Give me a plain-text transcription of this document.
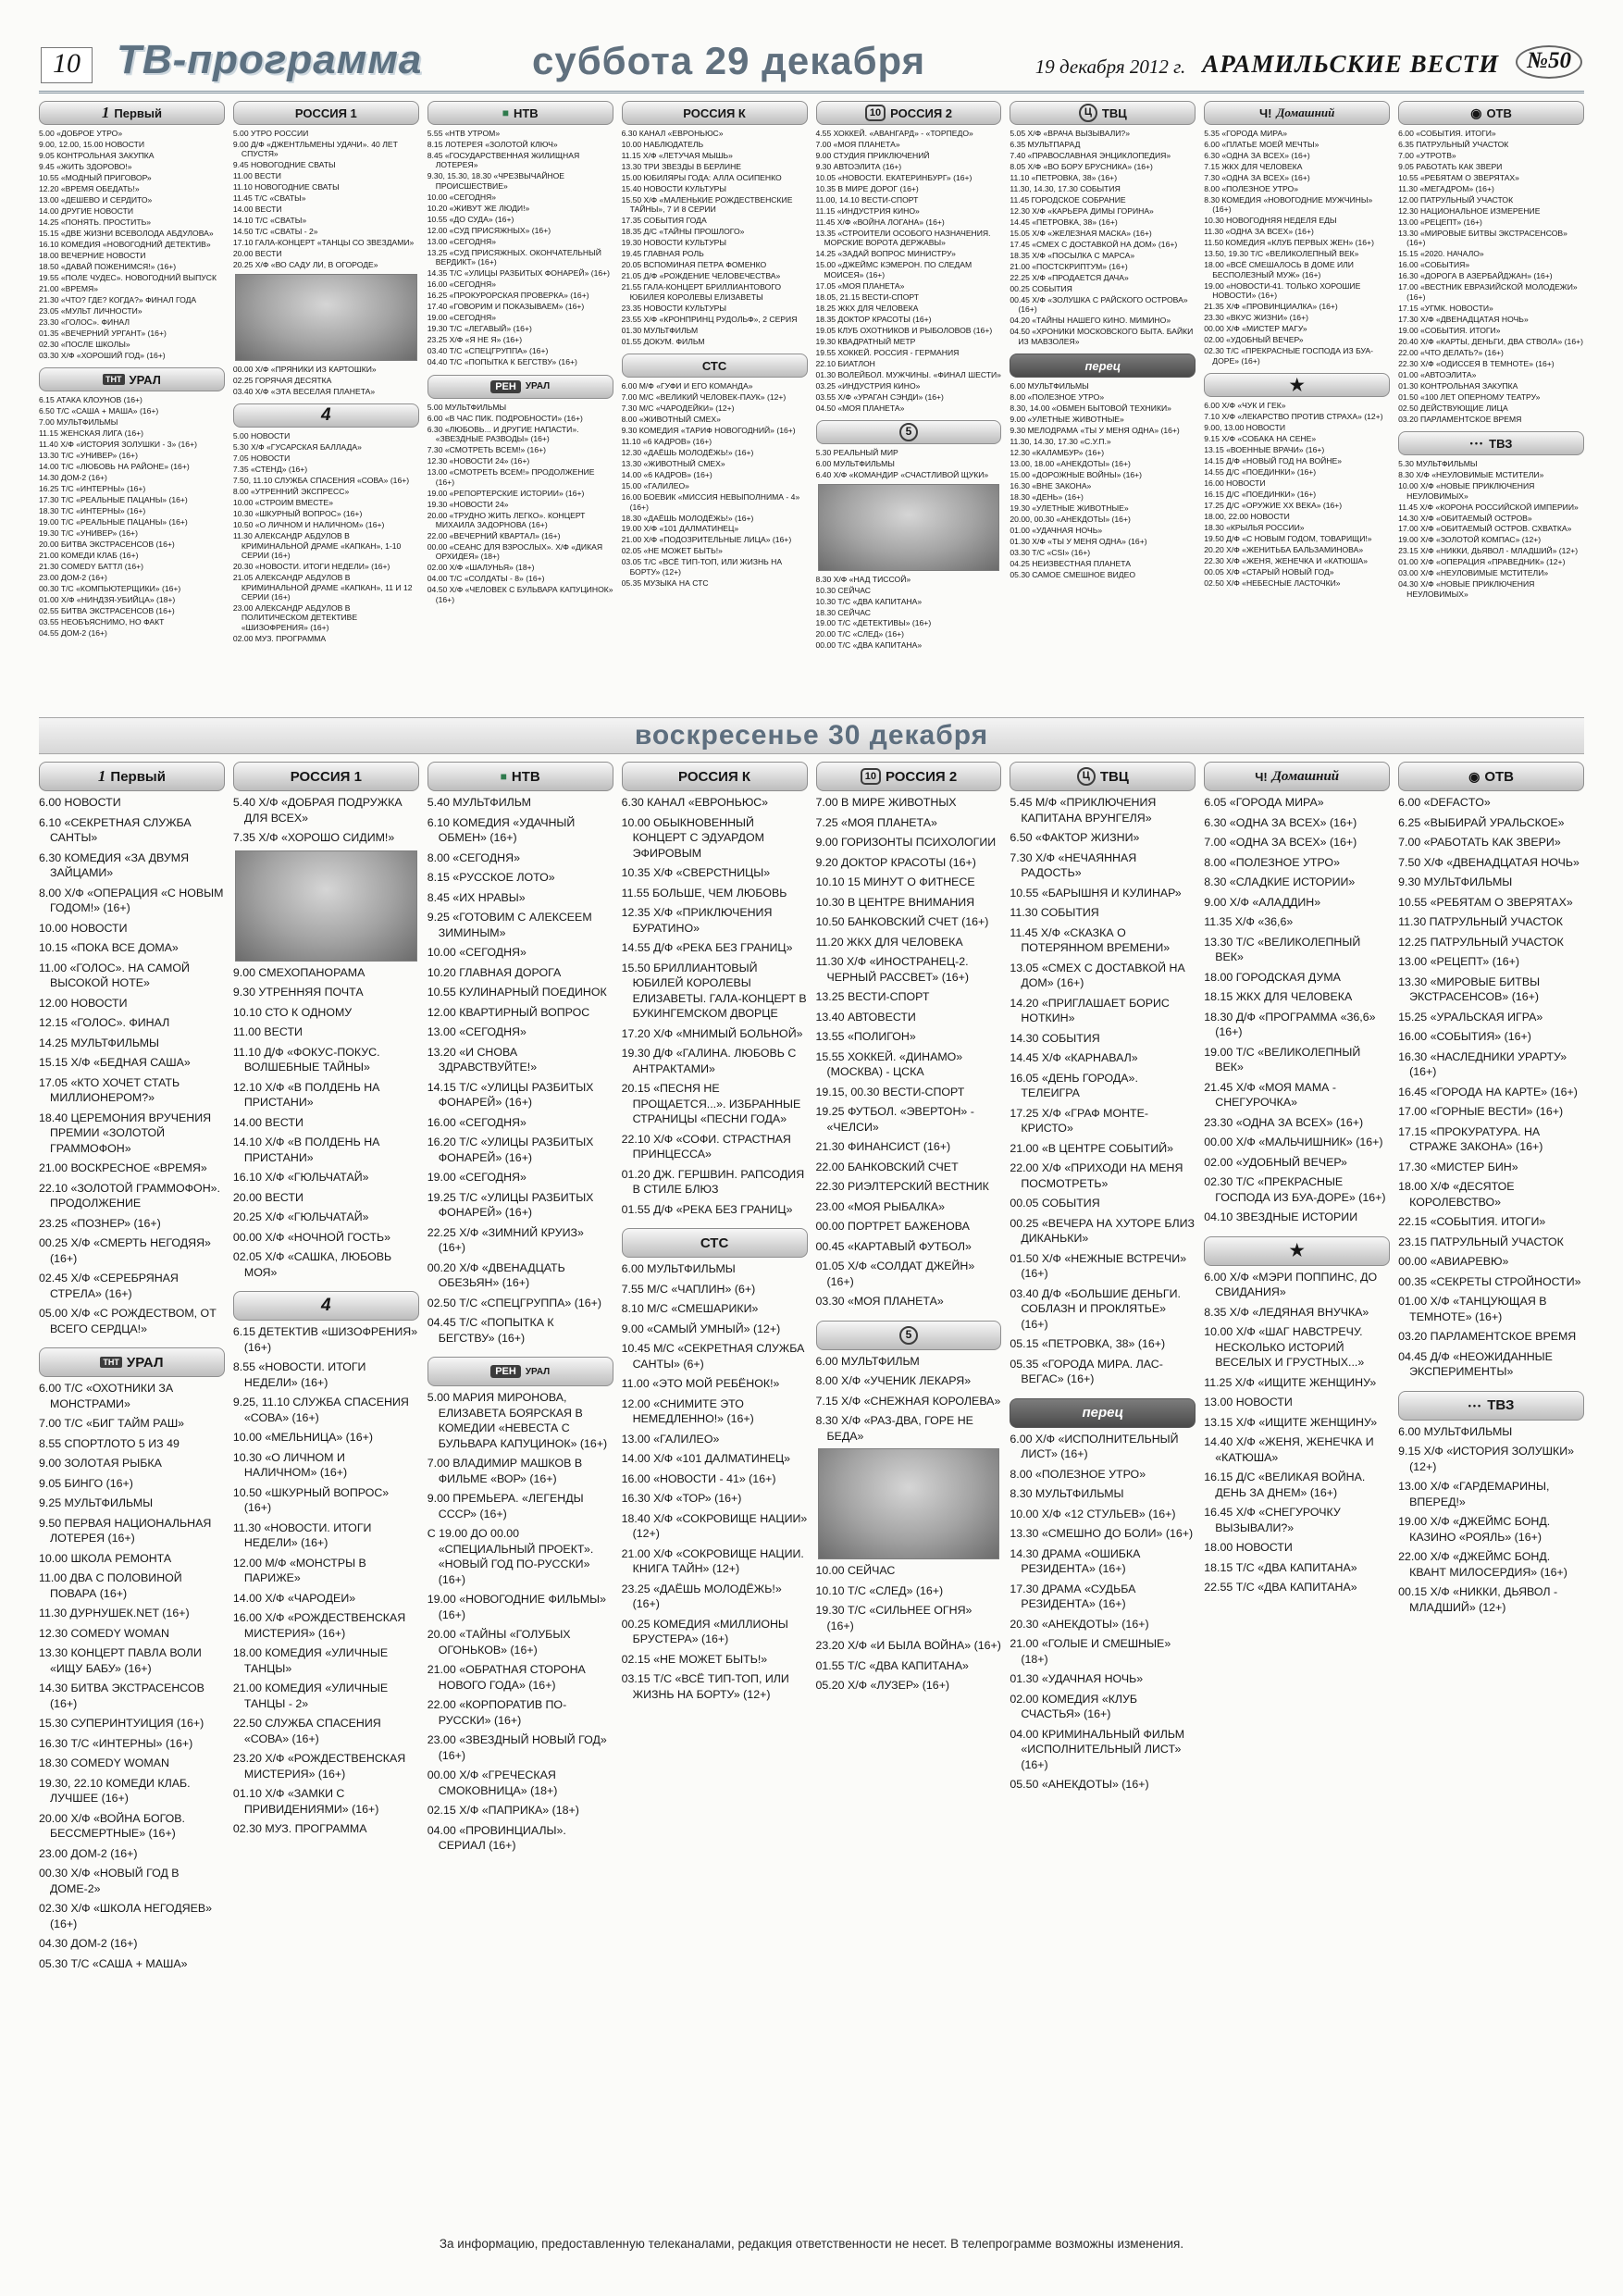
10 ТВ-программа	суббота 29 декабря	19 декабря 2012 г. АРАМИЛЬСКИЕ ВЕСТИ	№50
1 Первый
5.00 «ДОБРОЕ УТРО»
9.00, 12.00, 15.00 НОВОСТИ
9.05 КОНТРОЛЬНАЯ ЗАКУПКА
9.45 «ЖИТЬ ЗДОРОВО!»
10.55 «МОДНЫЙ ПРИГОВОР»
12.20 «ВРЕМЯ ОБЕДАТЬ!»
13.00 «ДЕШЕВО И СЕРДИТО»
14.00 ДРУГИЕ НОВОСТИ
14.25 «ПОНЯТЬ. ПРОСТИТЬ»
15.15 «ДВЕ ЖИЗНИ ВСЕВОЛОДА АБДУЛОВА»
16.10 КОМЕДИЯ «НОВОГОДНИЙ ДЕТЕКТИВ»
18.00 ВЕЧЕРНИЕ НОВОСТИ
18.50 «ДАВАЙ ПОЖЕНИМСЯ!» (16+)
19.55 «ПОЛЕ ЧУДЕС». НОВОГОДНИЙ ВЫПУСК
21.00 «ВРЕМЯ»
21.30 «ЧТО? ГДЕ? КОГДА?» ФИНАЛ ГОДА
23.05 «МУЛЬТ ЛИЧНОСТИ»
23.30 «ГОЛОС». ФИНАЛ
01.35 «ВЕЧЕРНИЙ УРГАНТ» (16+)
02.30 «ПОСЛЕ ШКОЛЫ»
03.30 Х/Ф «ХОРОШИЙ ГОД» (16+)
ТНТ УРАЛ
6.15 АТАКА КЛОУНОВ (16+)
6.50 Т/С «САША + МАША» (16+)
7.00 МУЛЬТФИЛЬМЫ
11.15 ЖЕНСКАЯ ЛИГА (16+)
11.40 Х/Ф «ИСТОРИЯ ЗОЛУШКИ - 3» (16+)
13.30 Т/С «УНИВЕР» (16+)
14.00 Т/С «ЛЮБОВЬ НА РАЙОНЕ» (16+)
14.30 ДОМ-2 (16+)
16.25 Т/С «ИНТЕРНЫ» (16+)
17.30 Т/С «РЕАЛЬНЫЕ ПАЦАНЫ» (16+)
18.30 Т/С «ИНТЕРНЫ» (16+)
19.00 Т/С «РЕАЛЬНЫЕ ПАЦАНЫ» (16+)
19.30 Т/С «УНИВЕР» (16+)
20.00 БИТВА ЭКСТРАСЕНСОВ (16+)
21.00 КОМЕДИ КЛАБ (16+)
21.30 COMEDY БАТТЛ (16+)
23.00 ДОМ-2 (16+)
00.30 Т/С «КОМПЬЮТЕРЩИКИ» (16+)
01.00 Х/Ф «НИНДЗЯ-УБИЙЦА» (18+)
02.55 БИТВА ЭКСТРАСЕНСОВ (16+)
03.55 НЕОБЪЯСНИМО, НО ФАКТ
04.55 ДОМ-2 (16+)
РОССИЯ 1
5.00 УТРО РОССИИ
9.00 Д/Ф «ДЖЕНТЛЬМЕНЫ УДАЧИ». 40 ЛЕТ СПУСТЯ»
9.45 НОВОГОДНИЕ СВАТЫ
11.00 ВЕСТИ
11.10 НОВОГОДНИЕ СВАТЫ
11.45 Т/С «СВАТЫ»
14.00 ВЕСТИ
14.10 Т/С «СВАТЫ»
14.50 Т/С «СВАТЫ - 2»
17.10 ГАЛА-КОНЦЕРТ «ТАНЦЫ СО ЗВЕЗДАМИ»
20.00 ВЕСТИ
20.25 Х/Ф «ВО САДУ ЛИ, В ОГОРОДЕ»
00.00 Х/Ф «ПРЯНИКИ ИЗ КАРТОШКИ»
02.25 ГОРЯЧАЯ ДЕСЯТКА
03.40 Х/Ф «ЭТА ВЕСЕЛАЯ ПЛАНЕТА»
4
5.00 НОВОСТИ
5.30 Х/Ф «ГУСАРСКАЯ БАЛЛАДА»
7.05 НОВОСТИ
7.35 «СТЕНД» (16+)
7.50, 11.10 СЛУЖБА СПАСЕНИЯ «СОВА» (16+)
8.00 «УТРЕННИЙ ЭКСПРЕСС»
10.00 «СТРОИМ ВМЕСТЕ»
10.30 «ШКУРНЫЙ ВОПРОС» (16+)
10.50 «О ЛИЧНОМ И НАЛИЧНОМ» (16+)
11.30 АЛЕКСАНДР АБДУЛОВ В КРИМИНАЛЬНОЙ ДРАМЕ «КАПКАН», 1-10 СЕРИИ (16+)
20.30 «НОВОСТИ. ИТОГИ НЕДЕЛИ» (16+)
21.05 АЛЕКСАНДР АБДУЛОВ В КРИМИНАЛЬНОЙ ДРАМЕ «КАПКАН», 11 И 12 СЕРИИ (16+)
23.00 АЛЕКСАНДР АБДУЛОВ В ПОЛИТИЧЕСКОМ ДЕТЕКТИВЕ «ШИЗОФРЕНИЯ» (16+)
02.00 МУЗ. ПРОГРАММА
■ НТВ
5.55 «НТВ УТРОМ»
8.15 ЛОТЕРЕЯ «ЗОЛОТОЙ КЛЮЧ»
8.45 «ГОСУДАРСТВЕННАЯ ЖИЛИЩНАЯ ЛОТЕРЕЯ»
9.30, 15.30, 18.30 «ЧРЕЗВЫЧАЙНОЕ ПРОИСШЕСТВИЕ»
10.00 «СЕГОДНЯ»
10.20 «ЖИВУТ ЖЕ ЛЮДИ!»
10.55 «ДО СУДА» (16+)
12.00 «СУД ПРИСЯЖНЫХ» (16+)
13.00 «СЕГОДНЯ»
13.25 «СУД ПРИСЯЖНЫХ. ОКОНЧАТЕЛЬНЫЙ ВЕРДИКТ» (16+)
14.35 Т/С «УЛИЦЫ РАЗБИТЫХ ФОНАРЕЙ» (16+)
16.00 «СЕГОДНЯ»
16.25 «ПРОКУРОРСКАЯ ПРОВЕРКА» (16+)
17.40 «ГОВОРИМ И ПОКАЗЫВАЕМ» (16+)
19.00 «СЕГОДНЯ»
19.30 Т/С «ЛЕГАВЫЙ» (16+)
23.25 Х/Ф «Я НЕ Я» (16+)
03.40 Т/С «СПЕЦГРУППА» (16+)
04.40 Т/С «ПОПЫТКА К БЕГСТВУ» (16+)
РЕН	УРАЛ
5.00 МУЛЬТФИЛЬМЫ
6.00 «В ЧАС ПИК. ПОДРОБНОСТИ» (16+)
6.30 «ЛЮБОВЬ... И ДРУГИЕ НАПАСТИ». «ЗВЕЗДНЫЕ РАЗВОДЫ» (16+)
7.30 «СМОТРЕТЬ ВСЕМ!» (16+)
12.30 «НОВОСТИ 24» (16+)
13.00 «СМОТРЕТЬ ВСЕМ!» ПРОДОЛЖЕНИЕ (16+)
19.00 «РЕПОРТЕРСКИЕ ИСТОРИИ» (16+)
19.30 «НОВОСТИ 24»
20.00 «ТРУДНО ЖИТЬ ЛЕГКО». КОНЦЕРТ МИХАИЛА ЗАДОРНОВА (16+)
22.00 «ВЕЧЕРНИЙ КВАРТАЛ» (16+)
00.00 «СЕАНС ДЛЯ ВЗРОСЛЫХ». Х/Ф «ДИКАЯ ОРХИДЕЯ» (18+)
02.00 Х/Ф «ШАЛУНЬЯ» (18+)
04.00 Т/С «СОЛДАТЫ - 8» (16+)
04.50 Х/Ф «ЧЕЛОВЕК С БУЛЬВАРА КАПУЦИНОК» (16+)
РОССИЯ К
6.30 КАНАЛ «ЕВРОНЬЮС»
10.00 НАБЛЮДАТЕЛЬ
11.15 Х/Ф «ЛЕТУЧАЯ МЫШЬ»
13.30 ТРИ ЗВЕЗДЫ В БЕРЛИНЕ
15.00 ЮБИЛЯРЫ ГОДА: АЛЛА ОСИПЕНКО
15.40 НОВОСТИ КУЛЬТУРЫ
15.50 Х/Ф «МАЛЕНЬКИЕ РОЖДЕСТВЕНСКИЕ ТАЙНЫ», 7 И 8 СЕРИИ
17.35 СОБЫТИЯ ГОДА
18.35 Д/С «ТАЙНЫ ПРОШЛОГО»
19.30 НОВОСТИ КУЛЬТУРЫ
19.45 ГЛАВНАЯ РОЛЬ
20.05 ВСПОМИНАЯ ПЕТРА ФОМЕНКО
21.05 Д/Ф «РОЖДЕНИЕ ЧЕЛОВЕЧЕСТВА»
21.55 ГАЛА-КОНЦЕРТ БРИЛЛИАНТОВОГО ЮБИЛЕЯ КОРОЛЕВЫ ЕЛИЗАВЕТЫ
23.35 НОВОСТИ КУЛЬТУРЫ
23.55 Х/Ф «КРОНПРИНЦ РУДОЛЬФ», 2 СЕРИЯ
01.30 МУЛЬТФИЛЬМ
01.55 ДОКУМ. ФИЛЬМ
СТС
6.00 М/Ф «ГУФИ И ЕГО КОМАНДА»
7.00 М/С «ВЕЛИКИЙ ЧЕЛОВЕК-ПАУК» (12+)
7.30 М/С «ЧАРОДЕЙКИ» (12+)
8.00 «ЖИВОТНЫЙ СМЕХ»
9.30 КОМЕДИЯ «ТАРИФ НОВОГОДНИЙ» (16+)
11.10 «6 КАДРОВ» (16+)
12.30 «ДАЁШЬ МОЛОДЁЖЬ!» (16+)
13.30 «ЖИВОТНЫЙ СМЕХ»
14.00 «6 КАДРОВ» (16+)
15.00 «ГАЛИЛЕО»
16.00 БОЕВИК «МИССИЯ НЕВЫПОЛНИМА - 4» (16+)
18.30 «ДАЁШЬ МОЛОДЁЖЬ!» (16+)
19.00 Х/Ф «101 ДАЛМАТИНЕЦ»
21.00 Х/Ф «ПОДОЗРИТЕЛЬНЫЕ ЛИЦА» (16+)
02.05 «НЕ МОЖЕТ БЫТЬ!»
03.05 Т/С «ВСЁ ТИП-ТОП, ИЛИ ЖИЗНЬ НА БОРТУ» (12+)
05.35 МУЗЫКА НА СТС
10 РОССИЯ 2
4.55 ХОККЕЙ. «АВАНГАРД» - «ТОРПЕДО»
7.00 «МОЯ ПЛАНЕТА»
9.00 СТУДИЯ ПРИКЛЮЧЕНИЙ
9.30 АВТОЭЛИТА (16+)
10.05 «НОВОСТИ. ЕКАТЕРИНБУРГ» (16+)
10.35 В МИРЕ ДОРОГ (16+)
11.00, 14.10 ВЕСТИ-СПОРТ
11.15 «ИНДУСТРИЯ КИНО»
11.45 Х/Ф «ВОЙНА ЛОГАНА» (16+)
13.35 «СТРОИТЕЛИ ОСОБОГО НАЗНАЧЕНИЯ. МОРСКИЕ ВОРОТА ДЕРЖАВЫ»
14.25 «ЗАДАЙ ВОПРОС МИНИСТРУ»
15.00 «ДЖЕЙМС КЭМЕРОН. ПО СЛЕДАМ МОИСЕЯ» (16+)
17.05 «МОЯ ПЛАНЕТА»
18.05, 21.15 ВЕСТИ-СПОРТ
18.25 ЖКХ ДЛЯ ЧЕЛОВЕКА
18.35 ДОКТОР КРАСОТЫ (16+)
19.05 КЛУБ ОХОТНИКОВ И РЫБОЛОВОВ (16+)
19.30 КВАДРАТНЫЙ МЕТР
19.55 ХОККЕЙ. РОССИЯ - ГЕРМАНИЯ
22.10 БИАТЛОН
01.30 ВОЛЕЙБОЛ. МУЖЧИНЫ. «ФИНАЛ ШЕСТИ»
03.25 «ИНДУСТРИЯ КИНО»
03.55 Х/Ф «УРАГАН СЭНДИ» (16+)
04.50 «МОЯ ПЛАНЕТА»
5
5.30 РЕАЛЬНЫЙ МИР
6.00 МУЛЬТФИЛЬМЫ
6.40 Х/Ф «КОМАНДИР «СЧАСТЛИВОЙ ЩУКИ»
8.30 Х/Ф «НАД ТИССОЙ»
10.30 СЕЙЧАС
10.30 Т/С «ДВА КАПИТАНА»
18.30 СЕЙЧАС
19.00 Т/С «ДЕТЕКТИВЫ» (16+)
20.00 Т/С «СЛЕД» (16+)
00.00 Т/С «ДВА КАПИТАНА»
Ц ТВЦ
5.05 Х/Ф «ВРАЧА ВЫЗЫВАЛИ?»
6.35 МУЛЬТПАРАД
7.40 «ПРАВОСЛАВНАЯ ЭНЦИКЛОПЕДИЯ»
8.05 Х/Ф «ВО БОРУ БРУСНИКА» (16+)
11.10 «ПЕТРОВКА, 38» (16+)
11.30, 14.30, 17.30 СОБЫТИЯ
11.45 ГОРОДСКОЕ СОБРАНИЕ
12.30 Х/Ф «КАРЬЕРА ДИМЫ ГОРИНА»
14.45 «ПЕТРОВКА, 38» (16+)
15.05 Х/Ф «ЖЕЛЕЗНАЯ МАСКА» (16+)
17.45 «СМЕХ С ДОСТАВКОЙ НА ДОМ» (16+)
18.35 Х/Ф «ПОСЫЛКА С МАРСА»
21.00 «ПОСТСКРИПТУМ» (16+)
22.25 Х/Ф «ПРОДАЕТСЯ ДАЧА»
00.25 СОБЫТИЯ
00.45 Х/Ф «ЗОЛУШКА С РАЙСКОГО ОСТРОВА» (16+)
04.20 «ТАЙНЫ НАШЕГО КИНО. МИМИНО»
04.50 «ХРОНИКИ МОСКОВСКОГО БЫТА. БАЙКИ ИЗ МАВЗОЛЕЯ»
перец
6.00 МУЛЬТФИЛЬМЫ
8.00 «ПОЛЕЗНОЕ УТРО»
8.30, 14.00 «ОБМЕН БЫТОВОЙ ТЕХНИКИ»
9.00 «УЛЕТНЫЕ ЖИВОТНЫЕ»
9.30 МЕЛОДРАМА «ТЫ У МЕНЯ ОДНА» (16+)
11.30, 14.30, 17.30 «С.У.П.»
12.30 «КАЛАМБУР» (16+)
13.00, 18.00 «АНЕКДОТЫ» (16+)
15.00 «ДОРОЖНЫЕ ВОЙНЫ» (16+)
16.30 «ВНЕ ЗАКОНА»
18.30 «ДЕНЬ» (16+)
19.30 «УЛЕТНЫЕ ЖИВОТНЫЕ»
20.00, 00.30 «АНЕКДОТЫ» (16+)
01.00 «УДАЧНАЯ НОЧЬ»
01.30 Х/Ф «ТЫ У МЕНЯ ОДНА» (16+)
03.30 Т/С «CSI» (16+)
04.25 НЕИЗВЕСТНАЯ ПЛАНЕТА
05.30 САМОЕ СМЕШНОЕ ВИДЕО
Ч! Домашний
5.35 «ГОРОДА МИРА»
6.00 «ПЛАТЬЕ МОЕЙ МЕЧТЫ»
6.30 «ОДНА ЗА ВСЕХ» (16+)
7.15 ЖКХ ДЛЯ ЧЕЛОВЕКА
7.30 «ОДНА ЗА ВСЕХ» (16+)
8.00 «ПОЛЕЗНОЕ УТРО»
8.30 КОМЕДИЯ «НОВОГОДНИЕ МУЖЧИНЫ» (16+)
10.30 НОВОГОДНЯЯ НЕДЕЛЯ ЕДЫ
11.30 «ОДНА ЗА ВСЕХ» (16+)
11.50 КОМЕДИЯ «КЛУБ ПЕРВЫХ ЖЕН» (16+)
13.50, 19.30 Т/С «ВЕЛИКОЛЕПНЫЙ ВЕК»
18.00 «ВСЁ СМЕШАЛОСЬ В ДОМЕ ИЛИ БЕСПОЛЕЗНЫЙ МУЖ» (16+)
19.00 «НОВОСТИ-41. ТОЛЬКО ХОРОШИЕ НОВОСТИ» (16+)
21.35 Х/Ф «ПРОВИНЦИАЛКА» (16+)
23.30 «ВКУС ЖИЗНИ» (16+)
00.00 Х/Ф «МИСТЕР МАГУ»
02.00 «УДОБНЫЙ ВЕЧЕР»
02.30 Т/С «ПРЕКРАСНЫЕ ГОСПОДА ИЗ БУА-ДОРЕ» (16+)
★
6.00 Х/Ф «ЧУК И ГЕК»
7.10 Х/Ф «ЛЕКАРСТВО ПРОТИВ СТРАХА» (12+)
9.00, 13.00 НОВОСТИ
9.15 Х/Ф «СОБАКА НА СЕНЕ»
13.15 «ВОЕННЫЕ ВРАЧИ» (16+)
14.15 Д/Ф «НОВЫЙ ГОД НА ВОЙНЕ»
14.55 Д/С «ПОЕДИНКИ» (16+)
16.00 НОВОСТИ
16.15 Д/С «ПОЕДИНКИ» (16+)
17.25 Д/С «ОРУЖИЕ XX ВЕКА» (16+)
18.00, 22.00 НОВОСТИ
18.30 «КРЫЛЬЯ РОССИИ»
19.50 Д/Ф «С НОВЫМ ГОДОМ, ТОВАРИЩИ!»
20.20 Х/Ф «ЖЕНИТЬБА БАЛЬЗАМИНОВА»
22.30 Х/Ф «ЖЕНЯ, ЖЕНЕЧКА И «КАТЮША»
00.05 Х/Ф «СТАРЫЙ НОВЫЙ ГОД»
02.50 Х/Ф «НЕБЕСНЫЕ ЛАСТОЧКИ»
◉ ОТВ
6.00 «СОБЫТИЯ. ИТОГИ»
6.35 ПАТРУЛЬНЫЙ УЧАСТОК
7.00 «УТРОТВ»
9.05 РАБОТАТЬ КАК ЗВЕРИ
10.55 «РЕБЯТАМ О ЗВЕРЯТАХ»
11.30 «МЕГАДРОМ» (16+)
12.00 ПАТРУЛЬНЫЙ УЧАСТОК
12.30 НАЦИОНАЛЬНОЕ ИЗМЕРЕНИЕ
13.00 «РЕЦЕПТ» (16+)
13.30 «МИРОВЫЕ БИТВЫ ЭКСТРАСЕНСОВ» (16+)
15.15 «2020. НАЧАЛО»
16.00 «СОБЫТИЯ»
16.30 «ДОРОГА В АЗЕРБАЙДЖАН» (16+)
17.00 «ВЕСТНИК ЕВРАЗИЙСКОЙ МОЛОДЕЖИ» (16+)
17.15 «УГМК. НОВОСТИ»
17.30 Х/Ф «ДВЕНАДЦАТАЯ НОЧЬ»
19.00 «СОБЫТИЯ. ИТОГИ»
20.40 Х/Ф «КАРТЫ, ДЕНЬГИ, ДВА СТВОЛА» (16+)
22.00 «ЧТО ДЕЛАТЬ?» (16+)
22.30 Х/Ф «ОДИССЕЯ В ТЕМНОТЕ» (16+)
01.00 «АВТОЭЛИТА»
01.30 КОНТРОЛЬНАЯ ЗАКУПКА
01.50 «100 ЛЕТ ОПЕРНОМУ ТЕАТРУ»
02.50 ДЕЙСТВУЮЩИЕ ЛИЦА
03.20 ПАРЛАМЕНТСКОЕ ВРЕМЯ
••• ТВЗ
5.30 МУЛЬТФИЛЬМЫ
8.30 Х/Ф «НЕУЛОВИМЫЕ МСТИТЕЛИ»
10.00 Х/Ф «НОВЫЕ ПРИКЛЮЧЕНИЯ НЕУЛОВИМЫХ»
11.45 Х/Ф «КОРОНА РОССИЙСКОЙ ИМПЕРИИ»
14.30 Х/Ф «ОБИТАЕМЫЙ ОСТРОВ»
17.00 Х/Ф «ОБИТАЕМЫЙ ОСТРОВ. СХВАТКА»
19.00 Х/Ф «ЗОЛОТОЙ КОМПАС» (12+)
23.15 Х/Ф «НИККИ, ДЬЯВОЛ - МЛАДШИЙ» (12+)
01.00 Х/Ф «ОПЕРАЦИЯ «ПРАВЕДНИК» (12+)
03.00 Х/Ф «НЕУЛОВИМЫЕ МСТИТЕЛИ»
04.30 Х/Ф «НОВЫЕ ПРИКЛЮЧЕНИЯ НЕУЛОВИМЫХ»
воскресенье 30 декабря
1 Первый
6.00 НОВОСТИ
6.10 «СЕКРЕТНАЯ СЛУЖБА САНТЫ»
6.30 КОМЕДИЯ «ЗА ДВУМЯ ЗАЙЦАМИ»
8.00 Х/Ф «ОПЕРАЦИЯ «С НОВЫМ ГОДОМ!» (16+)
10.00 НОВОСТИ
10.15 «ПОКА ВСЕ ДОМА»
11.00 «ГОЛОС». НА САМОЙ ВЫСОКОЙ НОТЕ»
12.00 НОВОСТИ
12.15 «ГОЛОС». ФИНАЛ
14.25 МУЛЬТФИЛЬМЫ
15.15 Х/Ф «БЕДНАЯ САША»
17.05 «КТО ХОЧЕТ СТАТЬ МИЛЛИОНЕРОМ?»
18.40 ЦЕРЕМОНИЯ ВРУЧЕНИЯ ПРЕМИИ «ЗОЛОТОЙ ГРАММОФОН»
21.00 ВОСКРЕСНОЕ «ВРЕМЯ»
22.10 «ЗОЛОТОЙ ГРАММОФОН». ПРОДОЛЖЕНИЕ
23.25 «ПОЗНЕР» (16+)
00.25 Х/Ф «СМЕРТЬ НЕГОДЯЯ» (16+)
02.45 Х/Ф «СЕРЕБРЯНАЯ СТРЕЛА» (16+)
05.00 Х/Ф «С РОЖДЕСТВОМ, ОТ ВСЕГО СЕРДЦА!»
ТНТ УРАЛ
6.00 Т/С «ОХОТНИКИ ЗА МОНСТРАМИ»
7.00 Т/С «БИГ ТАЙМ РАШ»
8.55 СПОРТЛОТО 5 ИЗ 49
9.00 ЗОЛОТАЯ РЫБКА
9.05 БИНГО (16+)
9.25 МУЛЬТФИЛЬМЫ
9.50 ПЕРВАЯ НАЦИОНАЛЬНАЯ ЛОТЕРЕЯ (16+)
10.00 ШКОЛА РЕМОНТА
11.00 ДВА С ПОЛОВИНОЙ ПОВАРА (16+)
11.30 ДУРНУШЕК.NET (16+)
12.30 COMEDY WOMAN
13.30 КОНЦЕРТ ПАВЛА ВОЛИ «ИЩУ БАБУ» (16+)
14.30 БИТВА ЭКСТРАСЕНСОВ (16+)
15.30 СУПЕРИНТУИЦИЯ (16+)
16.30 Т/С «ИНТЕРНЫ» (16+)
18.30 COMEDY WOMAN
19.30, 22.10 КОМЕДИ КЛАБ. ЛУЧШЕЕ (16+)
20.00 Х/Ф «ВОЙНА БОГОВ. БЕССМЕРТНЫЕ» (16+)
23.00 ДОМ-2 (16+)
00.30 Х/Ф «НОВЫЙ ГОД В ДОМЕ-2»
02.30 Х/Ф «ШКОЛА НЕГОДЯЕВ» (16+)
04.30 ДОМ-2 (16+)
05.30 Т/С «САША + МАША»
РОССИЯ 1
5.40 Х/Ф «ДОБРАЯ ПОДРУЖКА ДЛЯ ВСЕХ»
7.35 Х/Ф «ХОРОШО СИДИМ!»
9.00 СМЕХОПАНОРАМА
9.30 УТРЕННЯЯ ПОЧТА
10.10 СТО К ОДНОМУ
11.00 ВЕСТИ
11.10 Д/Ф «ФОКУС-ПОКУС. ВОЛШЕБНЫЕ ТАЙНЫ»
12.10 Х/Ф «В ПОЛДЕНЬ НА ПРИСТАНИ»
14.00 ВЕСТИ
14.10 Х/Ф «В ПОЛДЕНЬ НА ПРИСТАНИ»
16.10 Х/Ф «ГЮЛЬЧАТАЙ»
20.00 ВЕСТИ
20.25 Х/Ф «ГЮЛЬЧАТАЙ»
00.00 Х/Ф «НОЧНОЙ ГОСТЬ»
02.05 Х/Ф «САШКА, ЛЮБОВЬ МОЯ»
4
6.15 ДЕТЕКТИВ «ШИЗОФРЕНИЯ» (16+)
8.55 «НОВОСТИ. ИТОГИ НЕДЕЛИ» (16+)
9.25, 11.10 СЛУЖБА СПАСЕНИЯ «СОВА» (16+)
10.00 «МЕЛЬНИЦА» (16+)
10.30 «О ЛИЧНОМ И НАЛИЧНОМ» (16+)
10.50 «ШКУРНЫЙ ВОПРОС» (16+)
11.30 «НОВОСТИ. ИТОГИ НЕДЕЛИ» (16+)
12.00 М/Ф «МОНСТРЫ В ПАРИЖЕ»
14.00 Х/Ф «ЧАРОДЕИ»
16.00 Х/Ф «РОЖДЕСТВЕНСКАЯ МИСТЕРИЯ» (16+)
18.00 КОМЕДИЯ «УЛИЧНЫЕ ТАНЦЫ»
21.00 КОМЕДИЯ «УЛИЧНЫЕ ТАНЦЫ - 2»
22.50 СЛУЖБА СПАСЕНИЯ «СОВА» (16+)
23.20 Х/Ф «РОЖДЕСТВЕНСКАЯ МИСТЕРИЯ» (16+)
01.10 Х/Ф «ЗАМКИ С ПРИВИДЕНИЯМИ» (16+)
02.30 МУЗ. ПРОГРАММА
■ НТВ
5.40 МУЛЬТФИЛЬМ
6.10 КОМЕДИЯ «УДАЧНЫЙ ОБМЕН» (16+)
8.00 «СЕГОДНЯ»
8.15 «РУССКОЕ ЛОТО»
8.45 «ИХ НРАВЫ»
9.25 «ГОТОВИМ С АЛЕКСЕЕМ ЗИМИНЫМ»
10.00 «СЕГОДНЯ»
10.20 ГЛАВНАЯ ДОРОГА
10.55 КУЛИНАРНЫЙ ПОЕДИНОК
12.00 КВАРТИРНЫЙ ВОПРОС
13.00 «СЕГОДНЯ»
13.20 «И СНОВА ЗДРАВСТВУЙТЕ!»
14.15 Т/С «УЛИЦЫ РАЗБИТЫХ ФОНАРЕЙ» (16+)
16.00 «СЕГОДНЯ»
16.20 Т/С «УЛИЦЫ РАЗБИТЫХ ФОНАРЕЙ» (16+)
19.00 «СЕГОДНЯ»
19.25 Т/С «УЛИЦЫ РАЗБИТЫХ ФОНАРЕЙ» (16+)
22.25 Х/Ф «ЗИМНИЙ КРУИЗ» (16+)
00.20 Х/Ф «ДВЕНАДЦАТЬ ОБЕЗЬЯН» (16+)
02.50 Т/С «СПЕЦГРУППА» (16+)
04.45 Т/С «ПОПЫТКА К БЕГСТВУ» (16+)
РЕН	УРАЛ
5.00 МАРИЯ МИРОНОВА, ЕЛИЗАВЕТА БОЯРСКАЯ В КОМЕДИИ «НЕВЕСТА С БУЛЬВАРА КАПУЦИНОК» (16+)
7.00 ВЛАДИМИР МАШКОВ В ФИЛЬМЕ «ВОР» (16+)
9.00 ПРЕМЬЕРА. «ЛЕГЕНДЫ СССР» (16+)
С 19.00 ДО 00.00 «СПЕЦИАЛЬНЫЙ ПРОЕКТ». «НОВЫЙ ГОД ПО-РУССКИ» (16+)
19.00 «НОВОГОДНИЕ ФИЛЬМЫ» (16+)
20.00 «ТАЙНЫ «ГОЛУБЫХ ОГОНЬКОВ» (16+)
21.00 «ОБРАТНАЯ СТОРОНА НОВОГО ГОДА» (16+)
22.00 «КОРПОРАТИВ ПО-РУССКИ» (16+)
23.00 «ЗВЕЗДНЫЙ НОВЫЙ ГОД» (16+)
00.00 Х/Ф «ГРЕЧЕСКАЯ СМОКОВНИЦА» (18+)
02.15 Х/Ф «ПАПРИКА» (18+)
04.00 «ПРОВИНЦИАЛЫ». СЕРИАЛ (16+)
РОССИЯ К
6.30 КАНАЛ «ЕВРОНЬЮС»
10.00 ОБЫКНОВЕННЫЙ КОНЦЕРТ С ЭДУАРДОМ ЭФИРОВЫМ
10.35 Х/Ф «СВЕРСТНИЦЫ»
11.55 БОЛЬШЕ, ЧЕМ ЛЮБОВЬ
12.35 Х/Ф «ПРИКЛЮЧЕНИЯ БУРАТИНО»
14.55 Д/Ф «РЕКА БЕЗ ГРАНИЦ»
15.50 БРИЛЛИАНТОВЫЙ ЮБИЛЕЙ КОРОЛЕВЫ ЕЛИЗАВЕТЫ. ГАЛА-КОНЦЕРТ В БУКИНГЕМСКОМ ДВОРЦЕ
17.20 Х/Ф «МНИМЫЙ БОЛЬНОЙ»
19.30 Д/Ф «ГАЛИНА. ЛЮБОВЬ С АНТРАКТАМИ»
20.15 «ПЕСНЯ НЕ ПРОЩАЕТСЯ...». ИЗБРАННЫЕ СТРАНИЦЫ «ПЕСНИ ГОДА»
22.10 Х/Ф «СОФИ. СТРАСТНАЯ ПРИНЦЕССА»
01.20 ДЖ. ГЕРШВИН. РАПСОДИЯ В СТИЛЕ БЛЮЗ
01.55 Д/Ф «РЕКА БЕЗ ГРАНИЦ»
СТС
6.00 МУЛЬТФИЛЬМЫ
7.55 М/С «ЧАПЛИН» (6+)
8.10 М/С «СМЕШАРИКИ»
9.00 «САМЫЙ УМНЫЙ» (12+)
10.45 М/С «СЕКРЕТНАЯ СЛУЖБА САНТЫ» (6+)
11.00 «ЭТО МОЙ РЕБЁНОК!»
12.00 «СНИМИТЕ ЭТО НЕМЕДЛЕННО!» (16+)
13.00 «ГАЛИЛЕО»
14.00 Х/Ф «101 ДАЛМАТИНЕЦ»
16.00 «НОВОСТИ - 41» (16+)
16.30 Х/Ф «ТОР» (16+)
18.40 Х/Ф «СОКРОВИЩЕ НАЦИИ» (12+)
21.00 Х/Ф «СОКРОВИЩЕ НАЦИИ. КНИГА ТАЙН» (12+)
23.25 «ДАЁШЬ МОЛОДЁЖЬ!» (16+)
00.25 КОМЕДИЯ «МИЛЛИОНЫ БРУСТЕРА» (16+)
02.15 «НЕ МОЖЕТ БЫТЬ!»
03.15 Т/С «ВСЁ ТИП-ТОП, ИЛИ ЖИЗНЬ НА БОРТУ» (12+)
10 РОССИЯ 2
7.00 В МИРЕ ЖИВОТНЫХ
7.25 «МОЯ ПЛАНЕТА»
9.00 ГОРИЗОНТЫ ПСИХОЛОГИИ
9.20 ДОКТОР КРАСОТЫ (16+)
10.10 15 МИНУТ О ФИТНЕСЕ
10.30 В ЦЕНТРЕ ВНИМАНИЯ
10.50 БАНКОВСКИЙ СЧЕТ (16+)
11.20 ЖКХ ДЛЯ ЧЕЛОВЕКА
11.30 Х/Ф «ИНОСТРАНЕЦ-2. ЧЕРНЫЙ РАССВЕТ» (16+)
13.25 ВЕСТИ-СПОРТ
13.40 АВТОВЕСТИ
13.55 «ПОЛИГОН»
15.55 ХОККЕЙ. «ДИНАМО» (МОСКВА) - ЦСКА
19.15, 00.30 ВЕСТИ-СПОРТ
19.25 ФУТБОЛ. «ЭВЕРТОН» - «ЧЕЛСИ»
21.30 ФИНАНСИСТ (16+)
22.00 БАНКОВСКИЙ СЧЕТ
22.30 РИЭЛТЕРСКИЙ ВЕСТНИК
23.00 «МОЯ РЫБАЛКА»
00.00 ПОРТРЕТ БАЖЕНОВА
00.45 «КАРТАВЫЙ ФУТБОЛ»
01.05 Х/Ф «СОЛДАТ ДЖЕЙН» (16+)
03.30 «МОЯ ПЛАНЕТА»
5
6.00 МУЛЬТФИЛЬМ
8.00 Х/Ф «УЧЕНИК ЛЕКАРЯ»
7.15 Х/Ф «СНЕЖНАЯ КОРОЛЕВА»
8.30 Х/Ф «РАЗ-ДВА, ГОРЕ НЕ БЕДА»
10.00 СЕЙЧАС
10.10 Т/С «СЛЕД» (16+)
19.30 Т/С «СИЛЬНЕЕ ОГНЯ» (16+)
23.20 Х/Ф «И БЫЛА ВОЙНА» (16+)
01.55 Т/С «ДВА КАПИТАНА»
05.20 Х/Ф «ЛУЗЕР» (16+)
Ц ТВЦ
5.45 М/Ф «ПРИКЛЮЧЕНИЯ КАПИТАНА ВРУНГЕЛЯ»
6.50 «ФАКТОР ЖИЗНИ»
7.30 Х/Ф «НЕЧАЯННАЯ РАДОСТЬ»
10.55 «БАРЫШНЯ И КУЛИНАР»
11.30 СОБЫТИЯ
11.45 Х/Ф «СКАЗКА О ПОТЕРЯННОМ ВРЕМЕНИ»
13.05 «СМЕХ С ДОСТАВКОЙ НА ДОМ» (16+)
14.20 «ПРИГЛАШАЕТ БОРИС НОТКИН»
14.30 СОБЫТИЯ
14.45 Х/Ф «КАРНАВАЛ»
16.05 «ДЕНЬ ГОРОДА». ТЕЛЕИГРА
17.25 Х/Ф «ГРАФ МОНТЕ-КРИСТО»
21.00 «В ЦЕНТРЕ СОБЫТИЙ»
22.00 Х/Ф «ПРИХОДИ НА МЕНЯ ПОСМОТРЕТЬ»
00.05 СОБЫТИЯ
00.25 «ВЕЧЕРА НА ХУТОРЕ БЛИЗ ДИКАНЬКИ»
01.50 Х/Ф «НЕЖНЫЕ ВСТРЕЧИ» (16+)
03.40 Д/Ф «БОЛЬШИЕ ДЕНЬГИ. СОБЛАЗН И ПРОКЛЯТЬЕ» (16+)
05.15 «ПЕТРОВКА, 38» (16+)
05.35 «ГОРОДА МИРА. ЛАС-ВЕГАС» (16+)
перец
6.00 Х/Ф «ИСПОЛНИТЕЛЬНЫЙ ЛИСТ» (16+)
8.00 «ПОЛЕЗНОЕ УТРО»
8.30 МУЛЬТФИЛЬМЫ
10.00 Х/Ф «12 СТУЛЬЕВ» (16+)
13.30 «СМЕШНО ДО БОЛИ» (16+)
14.30 ДРАМА «ОШИБКА РЕЗИДЕНТА» (16+)
17.30 ДРАМА «СУДЬБА РЕЗИДЕНТА» (16+)
20.30 «АНЕКДОТЫ» (16+)
21.00 «ГОЛЫЕ И СМЕШНЫЕ» (18+)
01.30 «УДАЧНАЯ НОЧЬ»
02.00 КОМЕДИЯ «КЛУБ СЧАСТЬЯ» (16+)
04.00 КРИМИНАЛЬНЫЙ ФИЛЬМ «ИСПОЛНИТЕЛЬНЫЙ ЛИСТ» (16+)
05.50 «АНЕКДОТЫ» (16+)
Ч! Домашний
6.05 «ГОРОДА МИРА»
6.30 «ОДНА ЗА ВСЕХ» (16+)
7.00 «ОДНА ЗА ВСЕХ» (16+)
8.00 «ПОЛЕЗНОЕ УТРО»
8.30 «СЛАДКИЕ ИСТОРИИ»
9.00 Х/Ф «АЛАДДИН»
11.35 Х/Ф «36,6»
13.30 Т/С «ВЕЛИКОЛЕПНЫЙ ВЕК»
18.00 ГОРОДСКАЯ ДУМА
18.15 ЖКХ ДЛЯ ЧЕЛОВЕКА
18.30 Д/Ф «ПРОГРАММА «36,6» (16+)
19.00 Т/С «ВЕЛИКОЛЕПНЫЙ ВЕК»
21.45 Х/Ф «МОЯ МАМА - СНЕГУРОЧКА»
23.30 «ОДНА ЗА ВСЕХ» (16+)
00.00 Х/Ф «МАЛЬЧИШНИК» (16+)
02.00 «УДОБНЫЙ ВЕЧЕР»
02.30 Т/С «ПРЕКРАСНЫЕ ГОСПОДА ИЗ БУА-ДОРЕ» (16+)
04.10 ЗВЕЗДНЫЕ ИСТОРИИ
★
6.00 Х/Ф «МЭРИ ПОППИНС, ДО СВИДАНИЯ»
8.35 Х/Ф «ЛЕДЯНАЯ ВНУЧКА»
10.00 Х/Ф «ШАГ НАВСТРЕЧУ. НЕСКОЛЬКО ИСТОРИЙ ВЕСЕЛЫХ И ГРУСТНЫХ...»
11.25 Х/Ф «ИЩИТЕ ЖЕНЩИНУ»
13.00 НОВОСТИ
13.15 Х/Ф «ИЩИТЕ ЖЕНЩИНУ»
14.40 Х/Ф «ЖЕНЯ, ЖЕНЕЧКА И «КАТЮША»
16.15 Д/С «ВЕЛИКАЯ ВОЙНА. ДЕНЬ ЗА ДНЕМ» (16+)
16.45 Х/Ф «СНЕГУРОЧКУ ВЫЗЫВАЛИ?»
18.00 НОВОСТИ
18.15 Т/С «ДВА КАПИТАНА»
22.55 Т/С «ДВА КАПИТАНА»
◉ ОТВ
6.00 «DEFACTO»
6.25 «ВЫБИРАЙ УРАЛЬСКОЕ»
7.00 «РАБОТАТЬ КАК ЗВЕРИ»
7.50 Х/Ф «ДВЕНАДЦАТАЯ НОЧЬ»
9.30 МУЛЬТФИЛЬМЫ
10.55 «РЕБЯТАМ О ЗВЕРЯТАХ»
11.30 ПАТРУЛЬНЫЙ УЧАСТОК
12.25 ПАТРУЛЬНЫЙ УЧАСТОК
13.00 «РЕЦЕПТ» (16+)
13.30 «МИРОВЫЕ БИТВЫ ЭКСТРАСЕНСОВ» (16+)
15.25 «УРАЛЬСКАЯ ИГРА»
16.00 «СОБЫТИЯ» (16+)
16.30 «НАСЛЕДНИКИ УРАРТУ» (16+)
16.45 «ГОРОДА НА КАРТЕ» (16+)
17.00 «ГОРНЫЕ ВЕСТИ» (16+)
17.15 «ПРОКУРАТУРА. НА СТРАЖЕ ЗАКОНА» (16+)
17.30 «МИСТЕР БИН»
18.00 Х/Ф «ДЕСЯТОЕ КОРОЛЕВСТВО»
22.15 «СОБЫТИЯ. ИТОГИ»
23.15 ПАТРУЛЬНЫЙ УЧАСТОК
00.00 «АВИАРЕВЮ»
00.35 «СЕКРЕТЫ СТРОЙНОСТИ»
01.00 Х/Ф «ТАНЦУЮЩАЯ В ТЕМНОТЕ» (16+)
03.20 ПАРЛАМЕНТСКОЕ ВРЕМЯ
04.45 Д/Ф «НЕОЖИДАННЫЕ ЭКСПЕРИМЕНТЫ»
••• ТВЗ
6.00 МУЛЬТФИЛЬМЫ
9.15 Х/Ф «ИСТОРИЯ ЗОЛУШКИ» (12+)
13.00 Х/Ф «ГАРДЕМАРИНЫ, ВПЕРЕД!»
19.00 Х/Ф «ДЖЕЙМС БОНД. КАЗИНО «РОЯЛЬ» (16+)
22.00 Х/Ф «ДЖЕЙМС БОНД. КВАНТ МИЛОСЕРДИЯ» (16+)
00.15 Х/Ф «НИККИ, ДЬЯВОЛ - МЛАДШИЙ» (12+)
За информацию, предоставленную телеканалами, редакция ответственности не несет. В телепрограмме возможны изменения.
